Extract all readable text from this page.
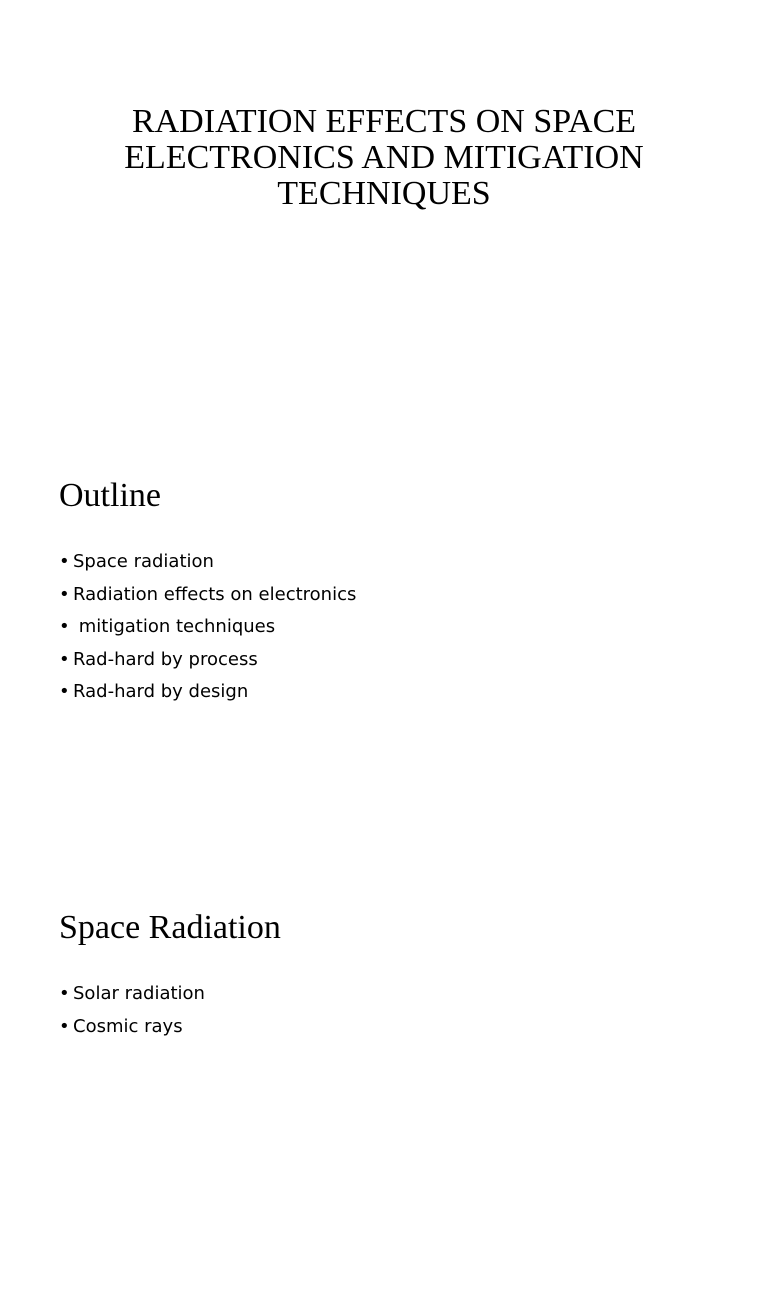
RADIATION EFFECTS ON SPACE ELECTRONICS AND MITIGATION TECHNIQUES
Outline
• Space radiation
• Radiation effects on electronics
• mitigation techniques
• Rad-hard by process
• Rad-hard by design
Space Radiation
• Solar radiation
• Cosmic rays
